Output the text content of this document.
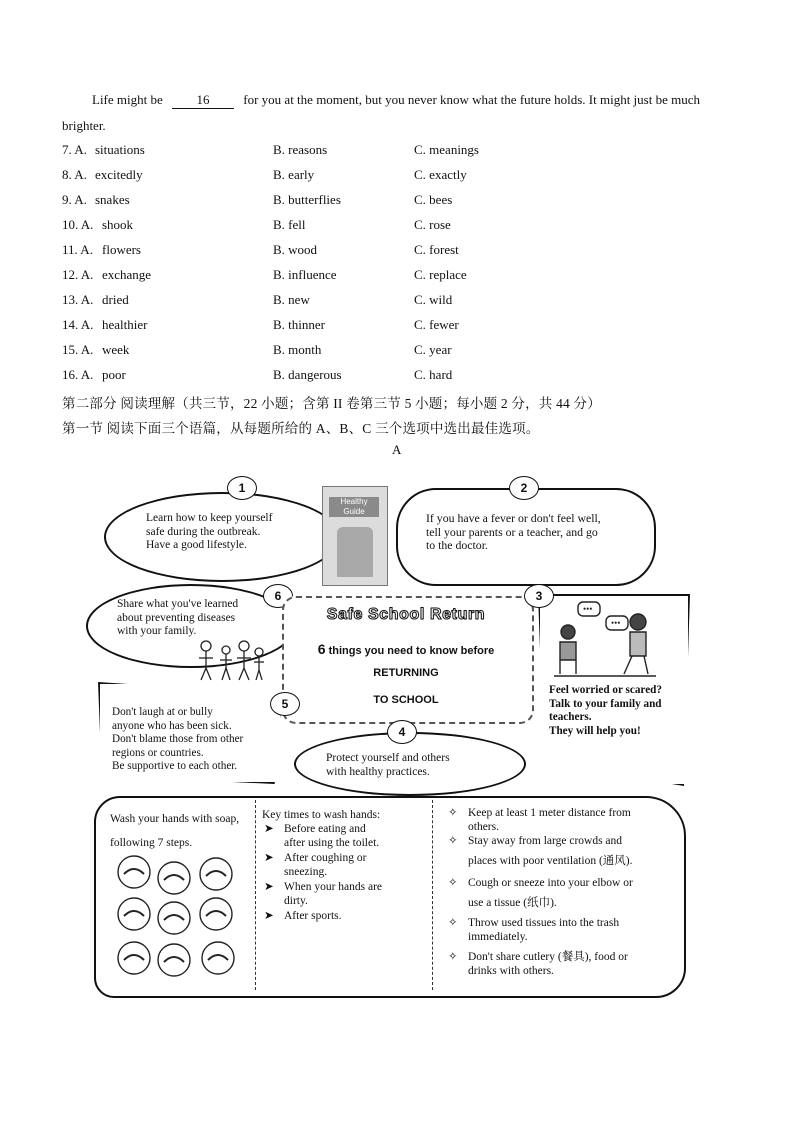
Life might be	16	for you at the moment, but you never know what the future holds. It might just be much
brighter.
7. A. situations	B. reasons	C. meanings
8. A. excitedly	B. early	C. exactly
9. A. snakes	B. butterflies	C. bees
10. A. shook	B. fell	C. rose
11. A. flowers	B. wood	C. forest
12. A. exchange	B. influence	C. replace
13. A. dried	B. new	C. wild
14. A. healthier	B. thinner	C. fewer
15. A. week	B. month	C. year
16. A. poor	B. dangerous	C. hard
第二部分 阅读理解（共三节，22 小题；含第 II 卷第三节 5 小题；每小题 2 分，共 44 分）
第一节 阅读下面三个语篇，从每题所给的 A、B、C 三个选项中选出最佳选项。
A
1
Learn how to keep yourself
safe during the outbreak.
Have a good lifestyle.
Healthy Guide
2
If you have a fever or don't feel well,
tell your parents or a teacher, and go
to the doctor.
6
Share what you've learned
about preventing diseases
with your family.
Safe School Return
6 things you need to know before
RETURNING
TO SCHOOL
3
•••
•••
Feel worried or scared?
Talk to your family and
teachers.
They will help you!
5
Don't laugh at or bully
anyone who has been sick.
Don't blame those from other
regions or countries.
Be supportive to each other.
4
Protect yourself and others
with healthy practices.
Wash your hands with soap,
following 7 steps.
Key times to wash hands:
➤ Before eating and
after using the toilet.
➤ After coughing or
sneezing.
➤ When your hands are
dirty.
➤ After sports.
✧ Keep at least 1 meter distance from
others.
✧ Stay away from large crowds and
places with poor ventilation (通风).
✧ Cough or sneeze into your elbow or
use a tissue (纸巾).
✧ Throw used tissues into the trash
immediately.
✧ Don't share cutlery (餐具), food or
drinks with others.
